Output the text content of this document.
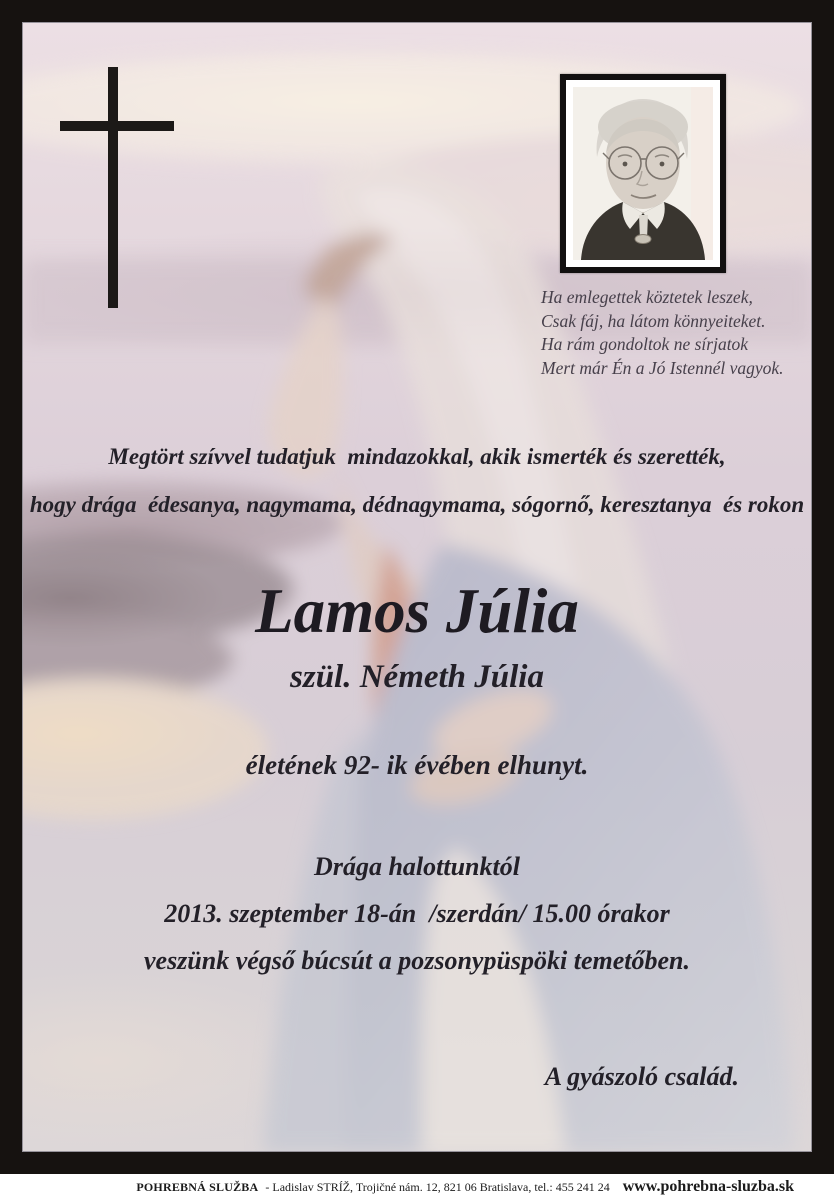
Ha emlegettek köztetek leszek,
Csak fáj, ha látom könnyeiteket.
Ha rám gondoltok ne sírjatok
Mert már Én a Jó Istennél vagyok.
Megtört szívvel tudatjuk  mindazokkal, akik ismerték és szerették,
hogy drága  édesanya, nagymama, dédnagymama, sógornő, keresztanya  és rokon
Lamos Júlia
szül. Németh Júlia
életének 92- ik évében elhunyt.
Drága halottunktól
2013. szeptember 18-án  /szerdán/ 15.00 órakor
veszünk végső búcsút a pozsonypüspöki temetőben.
A gyászoló család.
POHREBNÁ SLUŽBA - Ladislav STRÍŽ, Trojičné nám. 12, 821 06 Bratislava, tel.: 455 241 24 www.pohrebna-sluzba.sk
